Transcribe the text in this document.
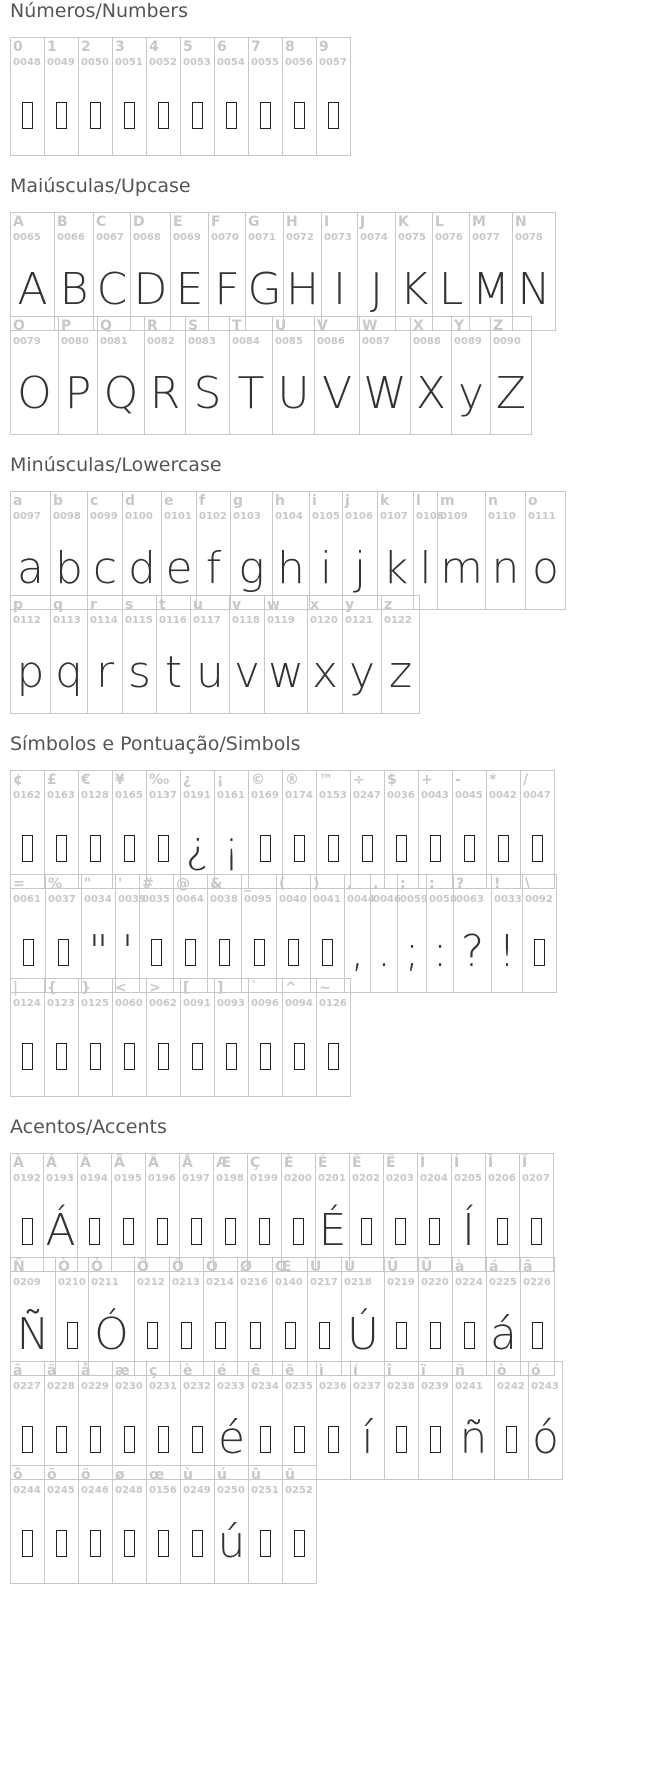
Números/Numbers
0
0048
1
0049
2
0050
3
0051
4
0052
5
0053
6
0054
7
0055
8
0056
9
0057
Maiúsculas/Upcase
A
0065
A
B
0066
B
C
0067
C
D
0068
D
E
0069
E
F
0070
F
G
0071
G
H
0072
H
I
0073
I
J
0074
J
K
0075
K
L
0076
L
M
0077
M
N
0078
N
O
0079
O
P
0080
P
Q
0081
Q
R
0082
R
S
0083
S
T
0084
T
U
0085
U
V
0086
V
W
0087
W
X
0088
X
Y
0089
y
Z
0090
Z
Minúsculas/Lowercase
a
0097
a
b
0098
b
c
0099
c
d
0100
d
e
0101
e
f
0102
f
g
0103
g
h
0104
h
i
0105
i
j
0106
j
k
0107
k
l
0108
l
m
0109
m
n
0110
n
o
0111
o
p
0112
p
q
0113
q
r
0114
r
s
0115
s
t
0116
t
u
0117
u
v
0118
v
w
0119
w
x
0120
x
y
0121
y
z
0122
z
Símbolos e Pontuação/Simbols
¢
0162
£
0163
€
0128
¥
0165
‰
0137
¿
0191
¿
¡
0161
¡
©
0169
®
0174
™
0153
÷
0247
$
0036
+
0043
-
0045
*
0042
/
0047
=
0061
%
0037
"
0034
"
'
0039
'
#
0035
@
0064
&
0038
_
0095
(
0040
)
0041
,
0044
,
.
0046
.
;
0059
;
:
0058
:
?
0063
?
!
0033
!
\
0092
|
0124
{
0123
}
0125
<
0060
>
0062
[
0091
]
0093
`
0096
^
0094
~
0126
Acentos/Accents
À
0192
Á
0193
Á
Â
0194
Ã
0195
Ä
0196
Å
0197
Æ
0198
Ç
0199
È
0200
É
0201
É
Ê
0202
Ë
0203
Ì
0204
Í
0205
Í
Î
0206
Ï
0207
Ñ
0209
Ñ
Ò
0210
Ó
0211
Ó
Ô
0212
Õ
0213
Ö
0214
Ø
0216
Œ
0140
Ù
0217
Ú
0218
Ú
Û
0219
Ü
0220
à
0224
á
0225
á
â
0226
ã
0227
ä
0228
å
0229
æ
0230
ç
0231
è
0232
é
0233
é
ê
0234
ë
0235
ì
0236
í
0237
í
î
0238
ï
0239
ñ
0241
ñ
ò
0242
ó
0243
ó
ô
0244
õ
0245
ö
0246
ø
0248
œ
0156
ù
0249
ú
0250
ú
û
0251
ü
0252
